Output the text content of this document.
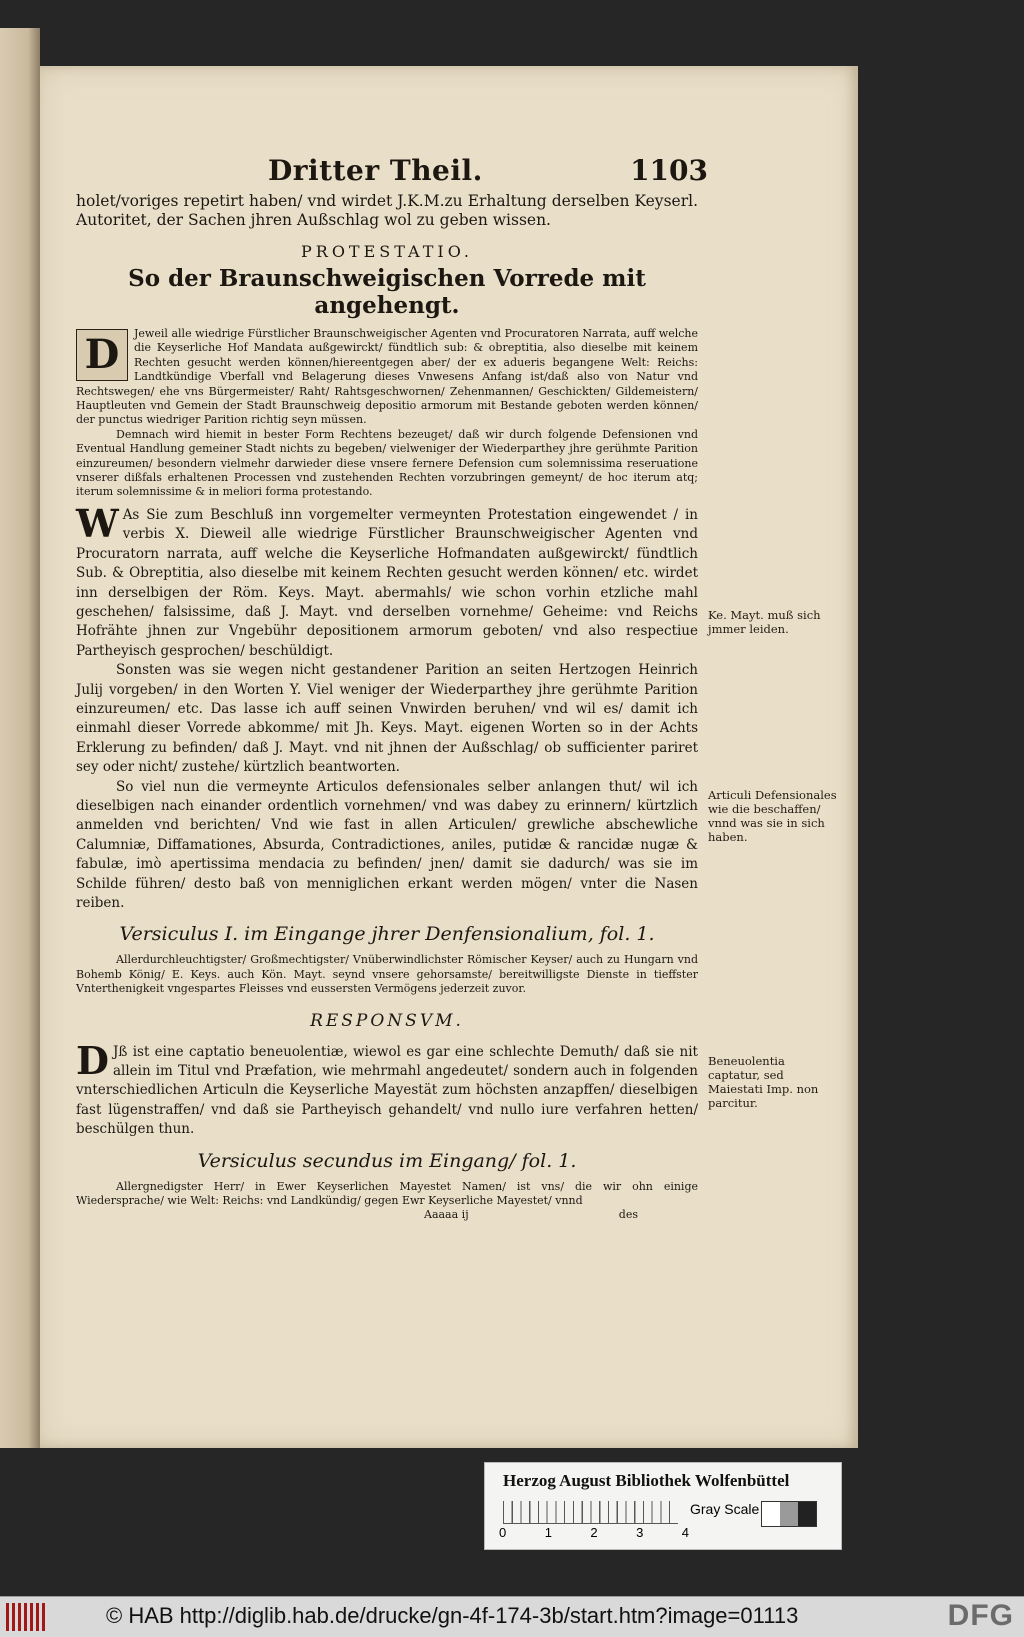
Dritter Theil.	1103

holet/voriges repetirt haben/ vnd wirdet J.K.M.zu Erhaltung derselben Keyserl. Autoritet, der Sachen jhren Außschlag wol zu geben wissen.

PROTESTATIO.

So der Braunschweigischen Vorrede mit angehengt.

D	Jeweil alle wiedrige Fürstlicher Braunschweigischer Agenten vnd Procuratoren Narrata, auff welche die Keyserliche Hof Mandata außgewirckt/ fündtlich sub: & obreptitia, also dieselbe mit keinem Rechten gesucht werden können/hiereentgegen aber/ der ex adueris begangene Welt: Reichs: Landtkündige Vberfall vnd Belagerung dieses Vnwesens Anfang ist/daß also von Natur vnd Rechtswegen/ ehe vns Bürgermeister/ Raht/ Rahtsgeschwornen/ Zehenmannen/ Geschickten/ Gildemeistern/ Hauptleuten vnd Gemein der Stadt Braunschweig depositio armorum mit Bestande geboten werden können/ der punctus wiedriger Parition richtig seyn müssen.

Demnach wird hiemit in bester Form Rechtens bezeuget/ daß wir durch folgende Defensionen vnd Eventual Handlung gemeiner Stadt nichts zu begeben/ vielweniger der Wiederparthey jhre gerühmte Parition einzureumen/ besondern vielmehr darwieder diese vnsere fernere Defension cum solemnissima reseruatione vnserer dißfals erhaltenen Processen vnd zustehenden Rechten vorzubringen gemeynt/ de hoc iterum atq; iterum solemnissime & in meliori forma protestando.

W As Sie zum Beschluß inn vorgemelter vermeynten Protestation eingewendet / in verbis X. Dieweil alle wiedrige Fürstlicher Braunschweigischer Agenten vnd Procuratorn narrata, auff welche die Keyserliche Hofmandaten außgewirckt/ fündtlich Sub. & Obreptitia, also dieselbe mit keinem Rechten gesucht werden können/ etc. wirdet inn derselbigen der Röm. Keys. Mayt. abermahls/ wie schon vorhin etzliche mahl geschehen/ falsissime, daß J. Mayt. vnd derselben vornehme/ Geheime: vnd Reichs Hofrähte jhnen zur Vngebühr depositionem armorum geboten/ vnd also respectiue Partheyisch gesprochen/ beschüldigt.

Sonsten was sie wegen nicht gestandener Parition an seiten Hertzogen Heinrich Julij vorgeben/ in den Worten Y. Viel weniger der Wiederparthey jhre gerühmte Parition einzureumen/ etc. Das lasse ich auff seinen Vnwirden beruhen/ vnd wil es/ damit ich einmahl dieser Vorrede abkomme/ mit Jh. Keys. Mayt. eigenen Worten so in der Achts Erklerung zu befinden/ daß J. Mayt. vnd nit jhnen der Außschlag/ ob sufficienter pariret sey oder nicht/ zustehe/ kürtzlich beantworten.

So viel nun die vermeynte Articulos defensionales selber anlangen thut/ wil ich dieselbigen nach einander ordentlich vornehmen/ vnd was dabey zu erinnern/ kürtzlich anmelden vnd berichten/ Vnd wie fast in allen Articulen/ grewliche abschewliche Calumniæ, Diffamationes, Absurda, Contradictiones, aniles, putidæ & rancidæ nugæ & fabulæ, imò apertissima mendacia zu befinden/ jnen/ damit sie dadurch/ was sie im Schilde führen/ desto baß von menniglichen erkant werden mögen/ vnter die Nasen reiben.

Versiculus I. im Eingange jhrer Denfensionalium, fol. 1.

Allerdurchleuchtigster/ Großmechtigster/ Vnüberwindlichster Römischer Keyser/ auch zu Hungarn vnd Bohemb König/ E. Keys. auch Kön. Mayt. seynd vnsere gehorsamste/ bereitwilligste Dienste in tieffster Vnterthenigkeit vngespartes Fleisses vnd eussersten Vermögens jederzeit zuvor.

RESPONSVM.

D Jß ist eine captatio beneuolentiæ, wiewol es gar eine schlechte Demuth/ daß sie nit allein im Titul vnd Præfation, wie mehrmahl angedeutet/ sondern auch in folgenden vnterschiedlichen Articuln die Keyserliche Mayestät zum höchsten anzapffen/ dieselbigen fast lügenstraffen/ vnd daß sie Partheyisch gehandelt/ vnd nullo iure verfahren hetten/ beschülgen thun.

Versiculus secundus im Eingang/ fol. 1.

Allergnedigster Herr/ in Ewer Keyserlichen Mayestet Namen/ ist vns/ die wir ohn einige Wiedersprache/ wie Welt: Reichs: vnd Landkündig/ gegen Ewr Keyserliche Mayestet/ vnnd

Aaaaa ij	des
Ke. Mayt. muß sich jmmer leiden.
Articuli Defensionales wie die beschaffen/ vnnd was sie in sich haben.
Beneuolentia captatur, sed Maiestati Imp. non parcitur.
Herzog August Bibliothek Wolfenbüttel
0	1	2	3	4
Gray Scale
© HAB http://diglib.hab.de/drucke/gn-4f-174-3b/start.htm?image=01113	DFG
